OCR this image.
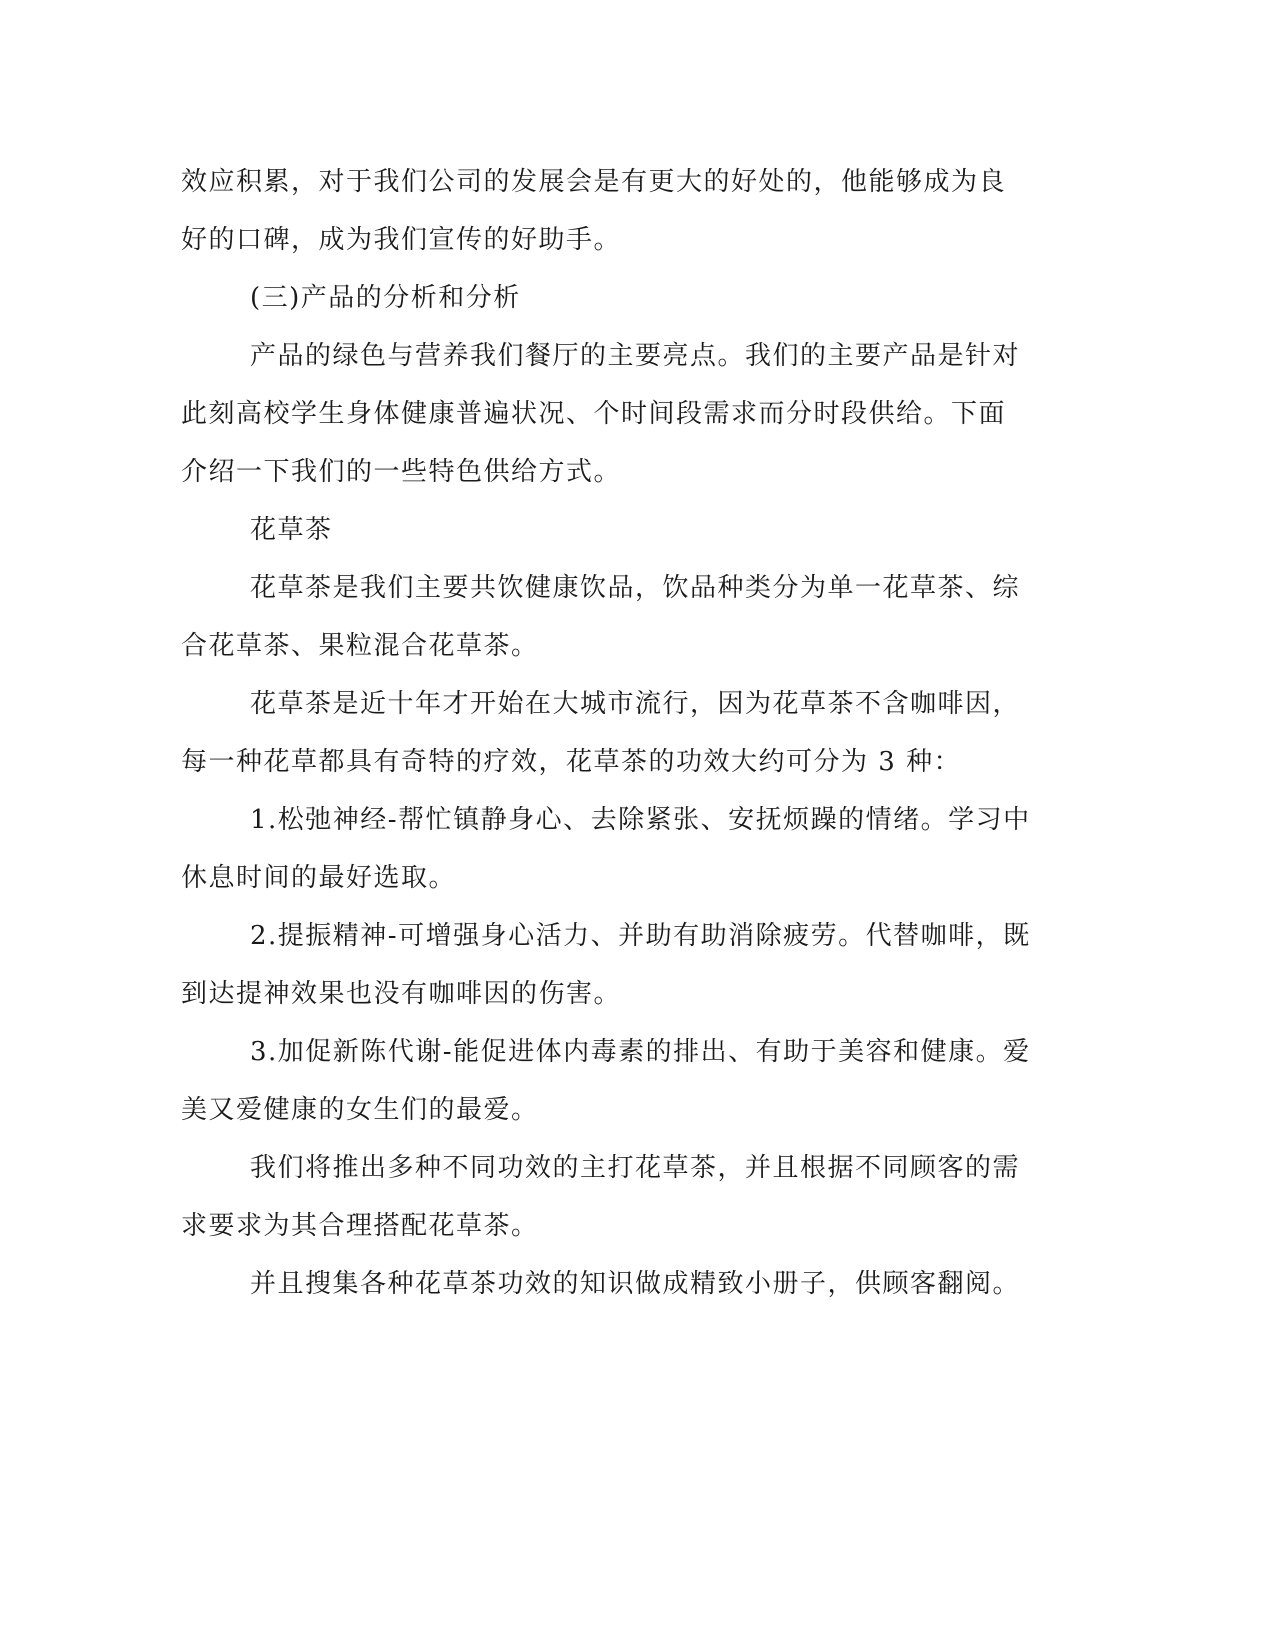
效应积累，对于我们公司的发展会是有更大的好处的，他能够成为良
好的口碑，成为我们宣传的好助手。
(三)产品的分析和分析
产品的绿色与营养我们餐厅的主要亮点。我们的主要产品是针对
此刻高校学生身体健康普遍状况、个时间段需求而分时段供给。下面
介绍一下我们的一些特色供给方式。
花草茶
花草茶是我们主要共饮健康饮品，饮品种类分为单一花草茶、综
合花草茶、果粒混合花草茶。
花草茶是近十年才开始在大城市流行，因为花草茶不含咖啡因，
每一种花草都具有奇特的疗效，花草茶的功效大约可分为 3 种：
1.松弛神经-帮忙镇静身心、去除紧张、安抚烦躁的情绪。学习中
休息时间的最好选取。
2.提振精神-可增强身心活力、并助有助消除疲劳。代替咖啡，既
到达提神效果也没有咖啡因的伤害。
3.加促新陈代谢-能促进体内毒素的排出、有助于美容和健康。爱
美又爱健康的女生们的最爱。
我们将推出多种不同功效的主打花草茶，并且根据不同顾客的需
求要求为其合理搭配花草茶。
并且搜集各种花草茶功效的知识做成精致小册子，供顾客翻阅。
